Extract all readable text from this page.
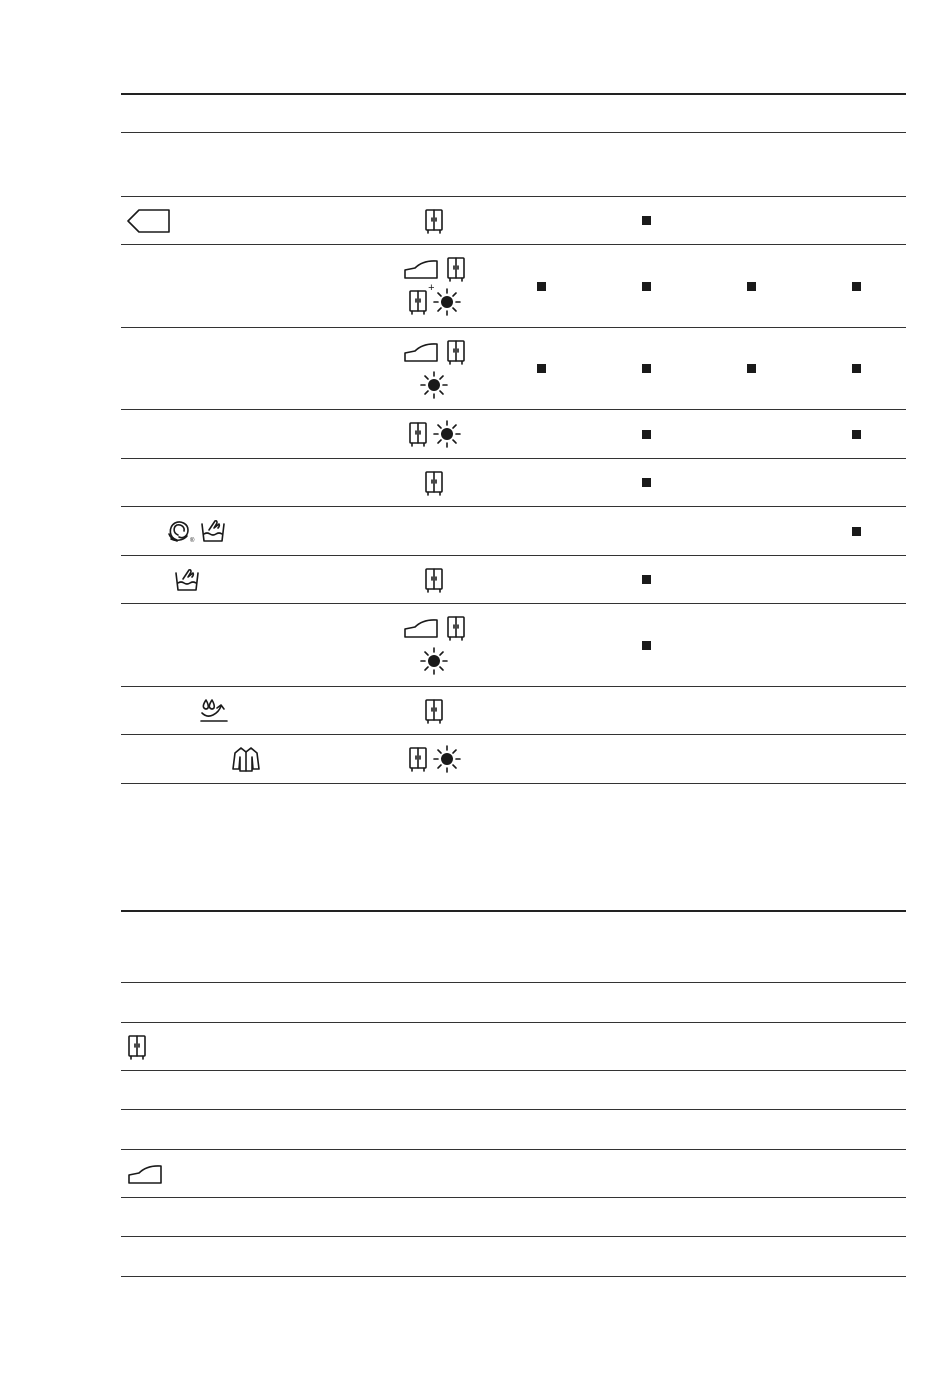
+
®
